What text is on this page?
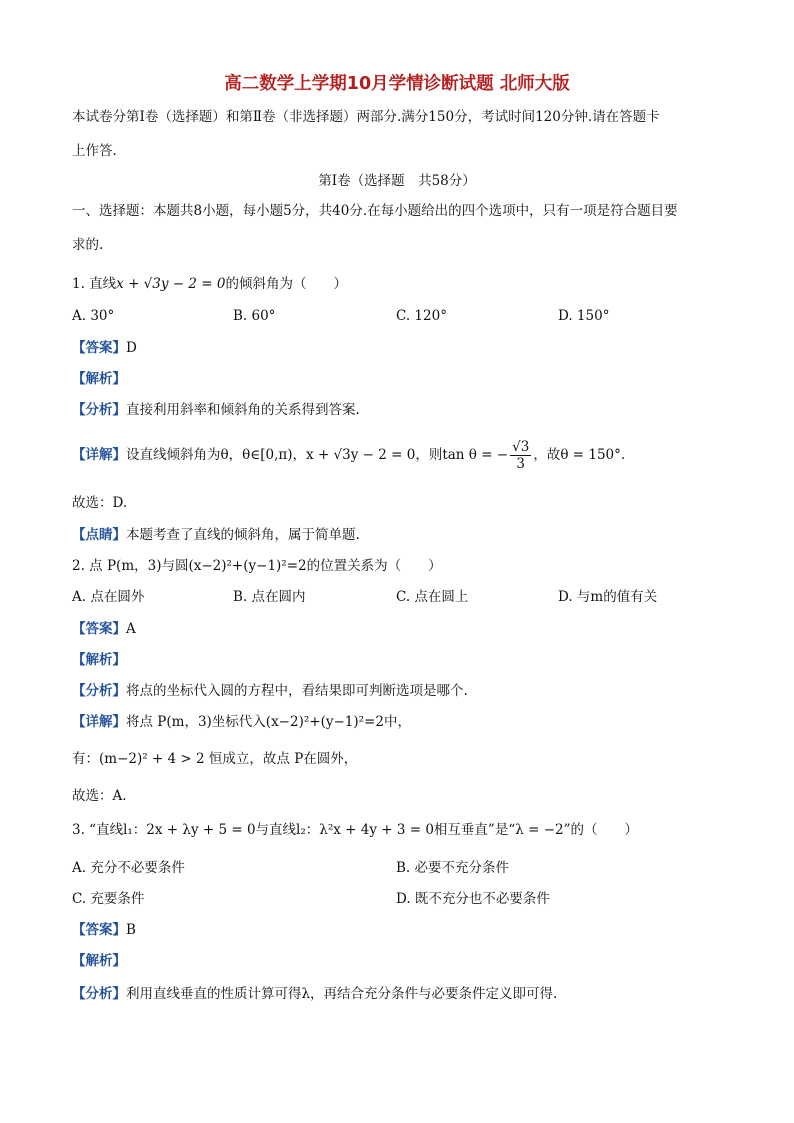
高二数学上学期10月学情诊断试题 北师大版
本试卷分第Ⅰ卷（选择题）和第Ⅱ卷（非选择题）两部分.满分150分，考试时间120分钟.请在答题卡
上作答.
第Ⅰ卷（选择题　共58分）
一、选择题：本题共8小题，每小题5分，共40分.在每小题给出的四个选项中，只有一项是符合题目要
求的.
1. 直线x + √3y − 2 = 0的倾斜角为（　　）
A. 30°	B. 60°	C. 120°	D. 150°
【答案】D
【解析】
【分析】直接利用斜率和倾斜角的关系得到答案.
【详解】设直线倾斜角为θ，θ∈[0,π)，x + √3y − 2 = 0，则tan θ = − $\frac{√3}{3}$ ，故θ = 150°.
故选：D.
【点睛】本题考查了直线的倾斜角，属于简单题.
2. 点 P(m，3)与圆(x−2)²+(y−1)²=2的位置关系为（　　）
A. 点在圆外	B. 点在圆内	C. 点在圆上	D. 与m的值有关
【答案】A
【解析】
【分析】将点的坐标代入圆的方程中，看结果即可判断选项是哪个.
【详解】将点 P(m，3)坐标代入(x−2)²+(y−1)²=2中，
有：(m−2)² + 4 > 2 恒成立，故点 P在圆外，
故选：A.
3. “直线l₁：2x + λy + 5 = 0与直线l₂：λ²x + 4y + 3 = 0相互垂直”是“λ = −2”的（　　）
A. 充分不必要条件	B. 必要不充分条件
C. 充要条件	D. 既不充分也不必要条件
【答案】B
【解析】
【分析】利用直线垂直的性质计算可得λ，再结合充分条件与必要条件定义即可得.
